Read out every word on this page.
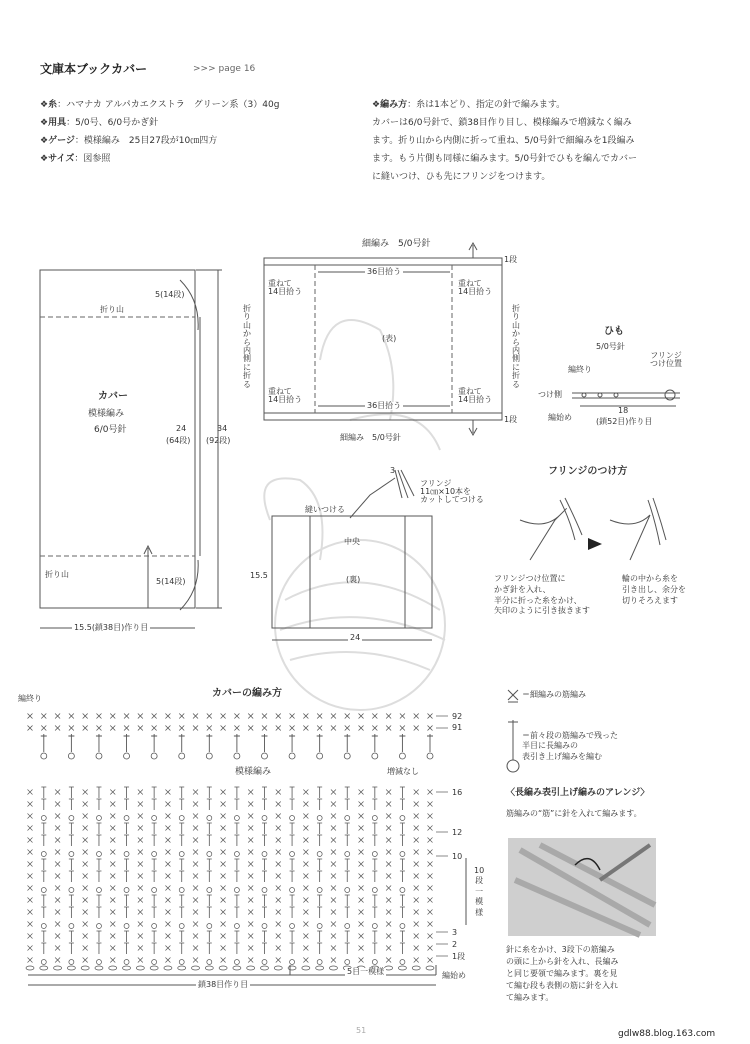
文庫本ブックカバー	>>> page 16
❖糸：ハマナカ アルパカエクストラ　グリーン系（3）40g
❖用具：5/0号、6/0号かぎ針
❖ゲージ：模様編み　25目27段が10㎝四方
❖サイズ：図参照
❖編み方：糸は1本どり、指定の針で編みます。
カバーは6/0号針で、鎖38目作り目し、模様編みで増減なく編み
ます。折り山から内側に折って重ね、5/0号針で細編みを1段編み
ます。もう片側も同様に編みます。5/0号針でひもを編んでカバー
に縫いつけ、ひも先にフリンジをつけます。
折り山
5(14段)
カバー
模様編み
6/0号針	24
(64段)
34
(92段)
折り山
5(14段)
15.5(鎖38目)作り目
細編み　5/0号針
1段
重ねて
14目拾う
重ねて
14目拾う
36目拾う
(表)
折り山から内側に折る
折り山から内側に折る
重ねて
14目拾う
重ねて
14目拾う
36目拾う
1段
細編み　5/0号針
ひも
5/0号針
フリンジ
つけ位置
編終り
つけ側
編始め
18
(鎖52目)作り目
3
フリンジ
11㎝×10本を
カットしてつける
縫いつける
中央
(裏)
15.5
24
フリンジのつけ方
フリンジつけ位置に
かぎ針を入れ、
半分に折った糸をかけ、
矢印のように引き抜きます
輪の中から糸を
引き出し、余分を
切りそろえます
カバーの編み方
編終り
模様編み	増減なし
92
91
16
12
10
3
2
1段
10
段
一
模
様
5目一模様	編始め
鎖38目作り目
＝細編みの筋編み
＝前々段の筋編みで残った
半目に長編みの
表引き上げ編みを編む
〈長編み表引上げ編みのアレンジ〉
筋編みの“筋”に針を入れて編みます。
針に糸をかけ、3段下の筋編み
の頭に上から針を入れ、長編み
と同じ要領で編みます。裏を見
て編む段も表側の筋に針を入れ
て編みます。
51	gdlw88.blog.163.com
